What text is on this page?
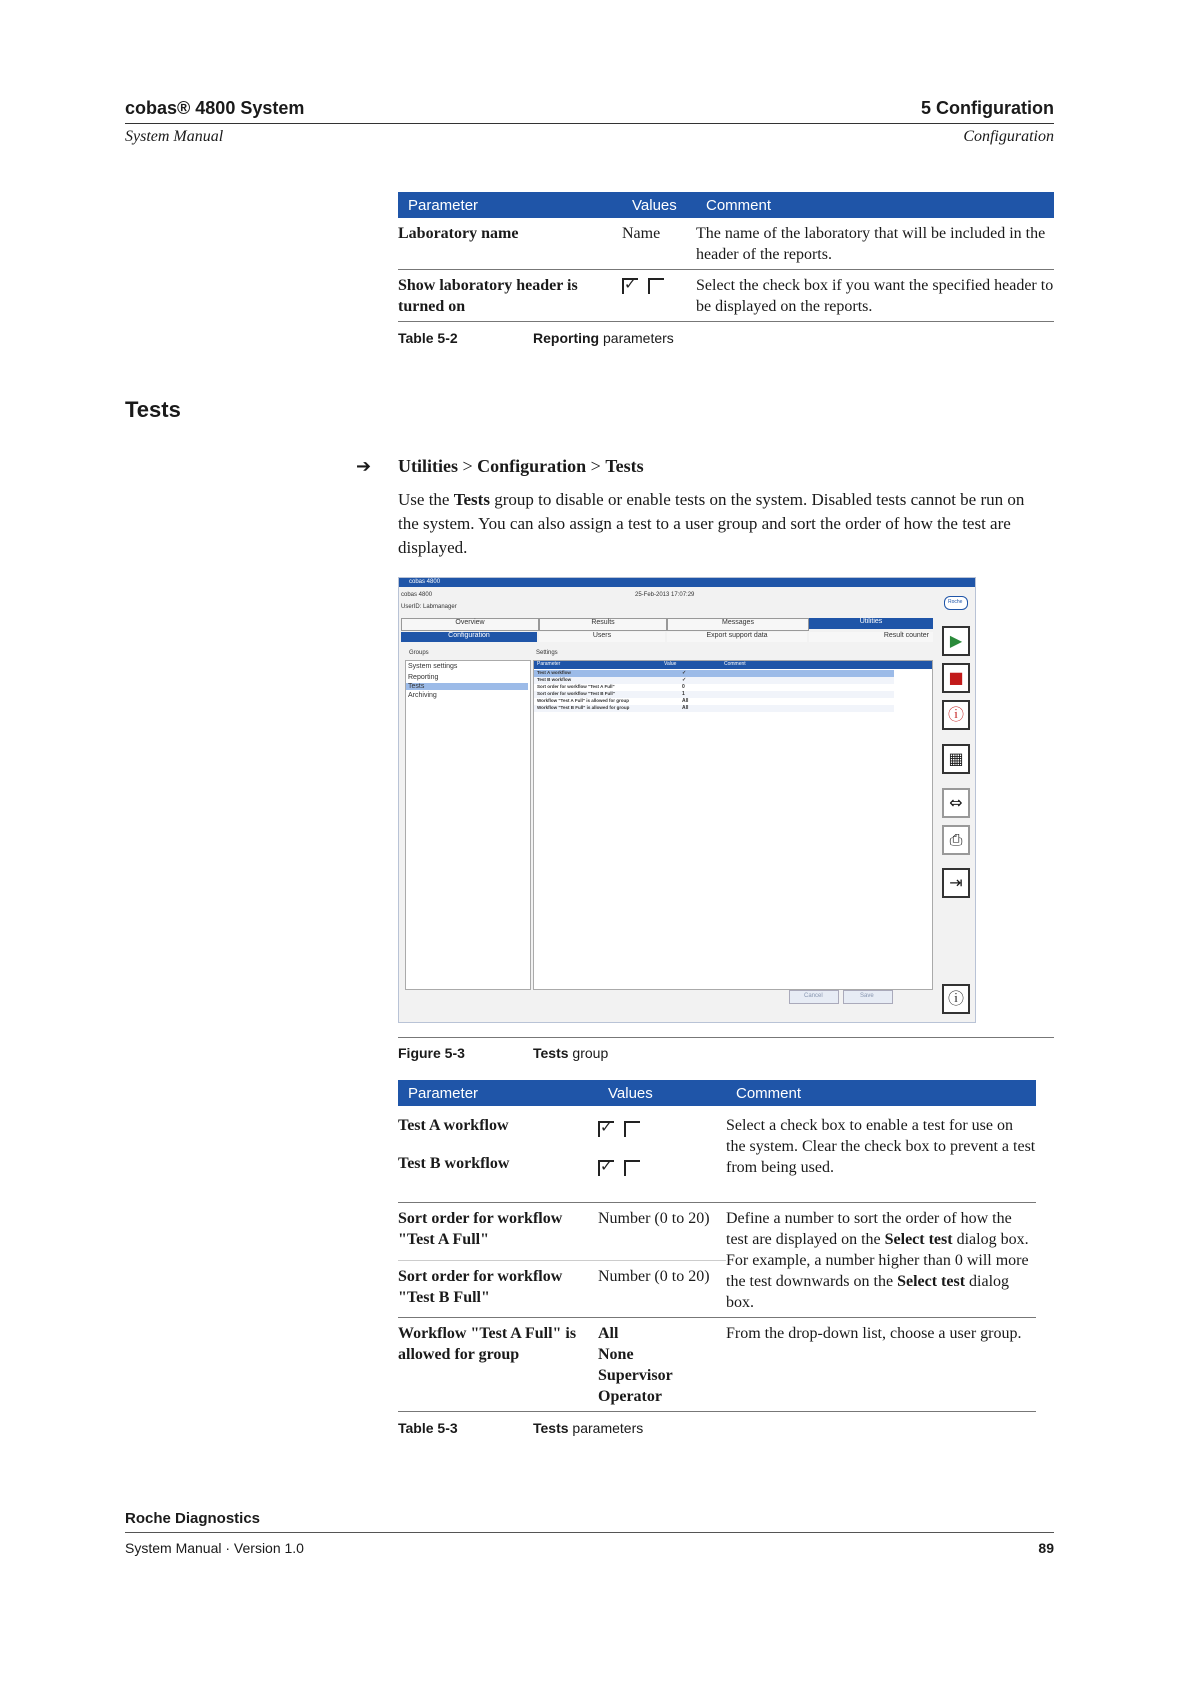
cobas® 4800 System
System Manual
5 Configuration
Configuration
Parameter	Values	Comment
Laboratory name	Name	The name of the laboratory that will be included in the header of the reports.
Show laboratory header is turned on	✓	Select the check box if you want the specified header to be displayed on the reports.
Table 5-2	Reporting parameters
Tests
➔ Utilities > Configuration > Tests
Use the Tests group to disable or enable tests on the system. Disabled tests cannot be run on the system. You can also assign a test to a user group and sort the order of how the test are displayed.
cobas 4800
cobas 4800
UserID: Labmanager
25-Feb-2013 17:07:29
Roche
Overview	Results	Messages	Utilities
Configuration	Users	Export support data	Result counter
Groups
System settings
Reporting
Tests
Archiving
Settings
Parameter	Value	Comment
Test A workflow	✓
Test B workflow	✓
Sort order for workflow "Test A Full"	0
Sort order for workflow "Test B Full"	1
Workflow "Test A Full" is allowed for group	All
Workflow "Test B Full" is allowed for group	All
Cancel	Save
▶
■
ⓘ
▦
⇔
⎙
⇥
ⓘ
Figure 5-3	Tests group
Parameter	Values	Comment
Test A workflow	✓	Select a check box to enable a test for use on the system. Clear the check box to prevent a test from being used.
Test B workflow	✓
Sort order for workflow "Test A Full"	Number (0 to 20)	Define a number to sort the order of how the test are displayed on the Select test dialog box. For example, a number higher than 0 will more the test downwards on the Select test dialog box.
Sort order for workflow "Test B Full"	Number (0 to 20)	
Workflow "Test A Full" is allowed for group	All
None
Supervisor
Operator	From the drop-down list, choose a user group.
Table 5-3	Tests parameters
Roche Diagnostics
System Manual · Version 1.0	89
